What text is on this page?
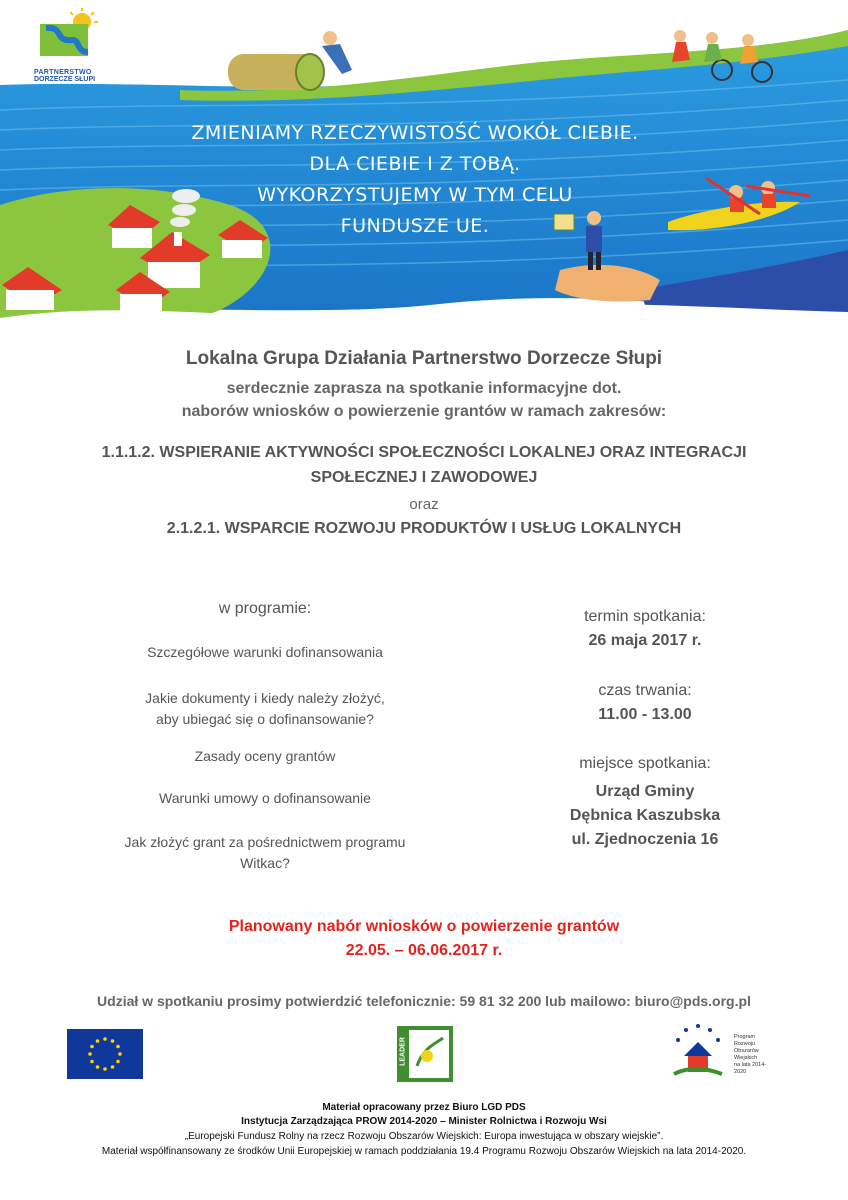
PARTNERSTWO
DORZECZE SŁUPI
ZMIENIAMY RZECZYWISTOŚĆ WOKÓŁ CIEBIE.
DLA CIEBIE I Z TOBĄ.
WYKORZYSTUJEMY W TYM CELU
FUNDUSZE UE.
Lokalna Grupa Działania Partnerstwo Dorzecze Słupi
serdecznie zaprasza na spotkanie informacyjne dot.
naborów wniosków o powierzenie grantów w ramach zakresów:
1.1.1.2. WSPIERANIE AKTYWNOŚCI SPOŁECZNOŚCI LOKALNEJ ORAZ INTEGRACJI
SPOŁECZNEJ I ZAWODOWEJ
oraz
2.1.2.1. WSPARCIE ROZWOJU PRODUKTÓW I USŁUG LOKALNYCH
w programie:
Szczegółowe warunki dofinansowania
Jakie dokumenty i kiedy należy złożyć,
aby ubiegać się o dofinansowanie?
Zasady oceny grantów
Warunki umowy o dofinansowanie
Jak złożyć grant za pośrednictwem programu
Witkac?
termin spotkania:
26 maja 2017 r.
czas trwania:
11.00 - 13.00
miejsce spotkania:
Urząd Gminy
Dębnica Kaszubska
ul. Zjednoczenia 16
Planowany nabór wniosków o powierzenie grantów
22.05. – 06.06.2017 r.
Udział w spotkaniu prosimy potwierdzić telefonicznie: 59 81 32 200 lub mailowo: biuro@pds.org.pl
LEADER
Program
Rozwoju
Obszarów
Wiejskich
na lata 2014-2020
Materiał opracowany przez Biuro LGD PDS
Instytucja Zarządzająca PROW 2014-2020 – Minister Rolnictwa i Rozwoju Wsi
„Europejski Fundusz Rolny na rzecz Rozwoju Obszarów Wiejskich: Europa inwestująca w obszary wiejskie”.
Materiał współfinansowany ze środków Unii Europejskiej w ramach poddziałania 19.4 Programu Rozwoju Obszarów Wiejskich na lata 2014-2020.
